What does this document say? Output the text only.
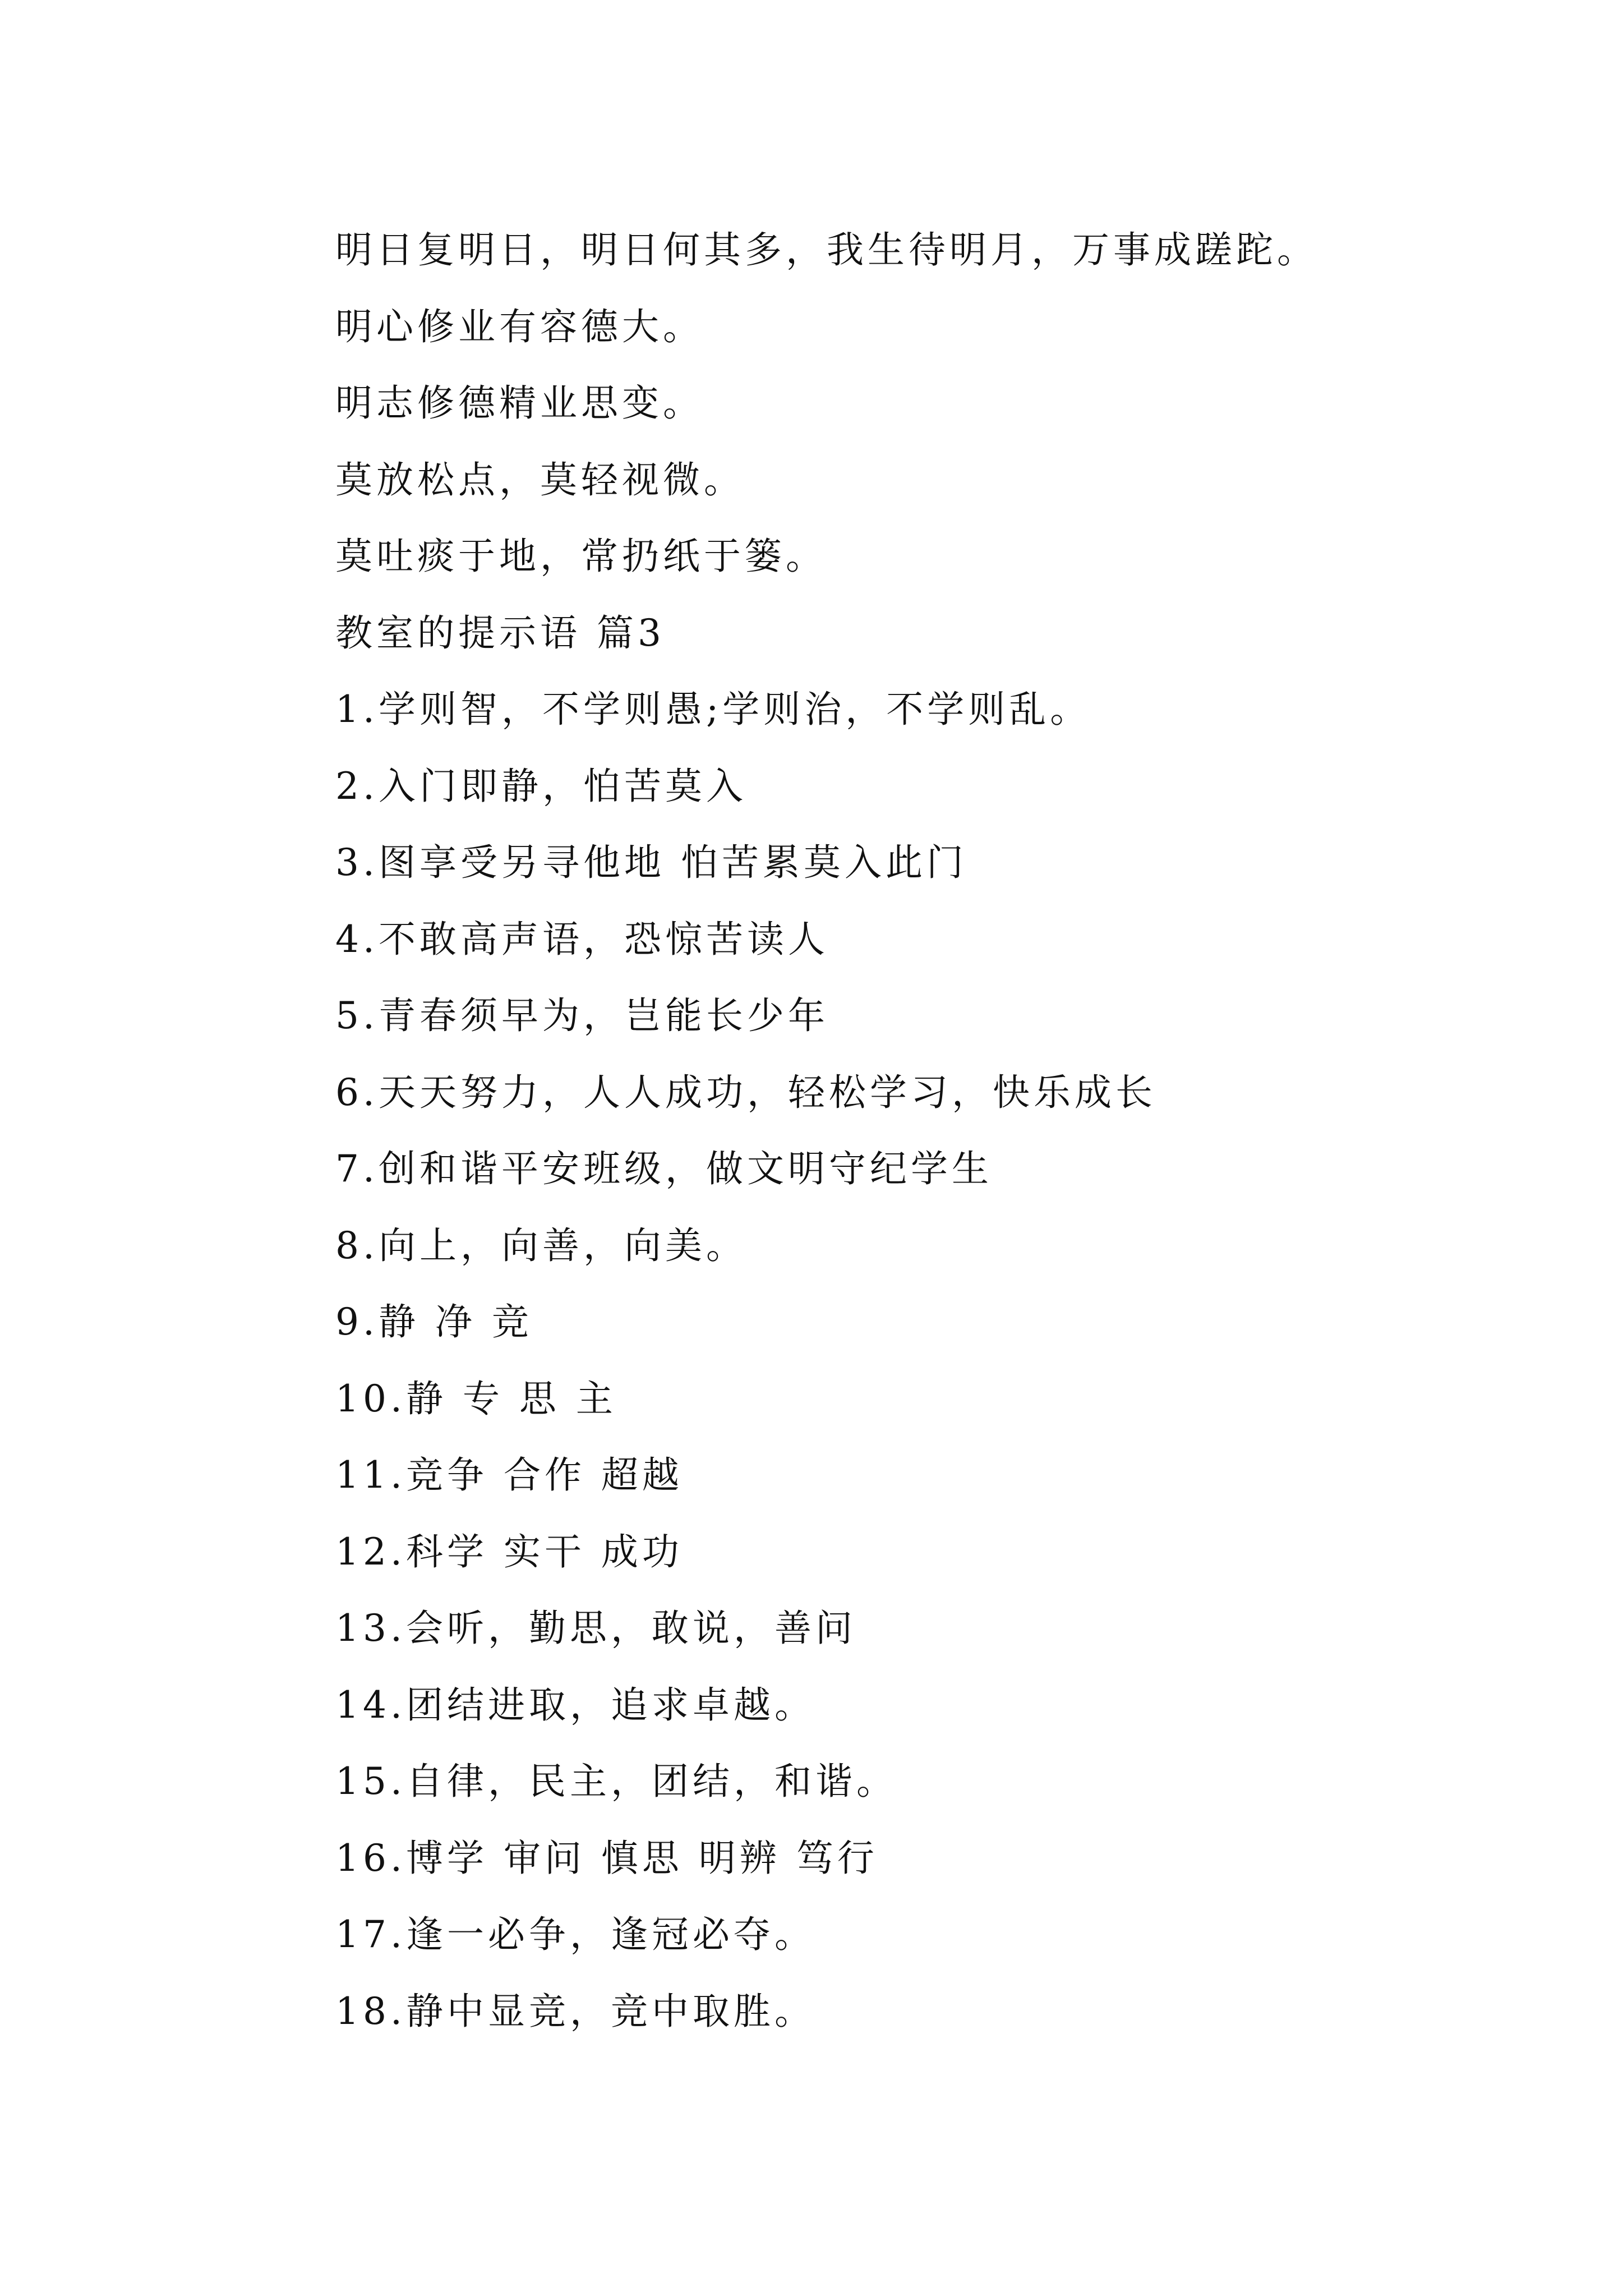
明日复明日，明日何其多，我生待明月，万事成蹉跎。
明心修业有容德大。
明志修德精业思变。
莫放松点，莫轻视微。
莫吐痰于地，常扔纸于篓。
教室的提示语 篇3
1.学则智，不学则愚;学则治，不学则乱。
2.入门即静，怕苦莫入
3.图享受另寻他地 怕苦累莫入此门
4.不敢高声语，恐惊苦读人
5.青春须早为，岂能长少年
6.天天努力，人人成功，轻松学习，快乐成长
7.创和谐平安班级，做文明守纪学生
8.向上，向善，向美。
9.静 净 竞
10.静 专 思 主
11.竞争 合作 超越
12.科学 实干 成功
13.会听，勤思，敢说，善问
14.团结进取，追求卓越。
15.自律，民主，团结，和谐。
16.博学 审问 慎思 明辨 笃行
17.逢一必争，逢冠必夺。
18.静中显竞，竞中取胜。
